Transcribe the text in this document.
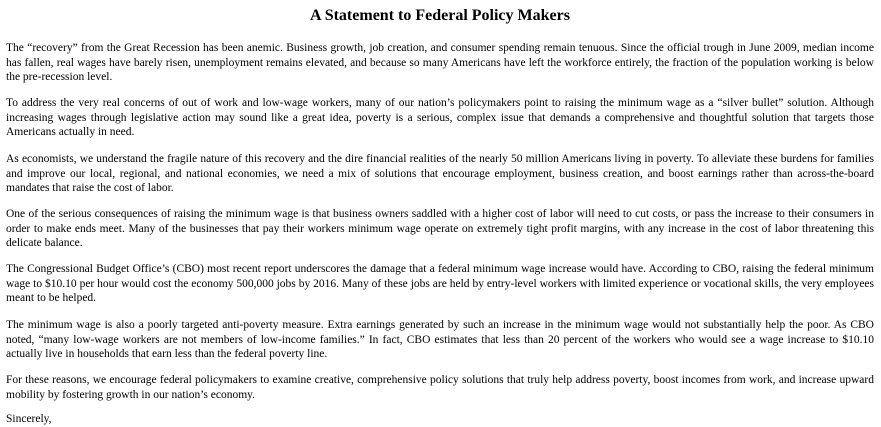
A Statement to Federal Policy Makers

The “recovery” from the Great Recession has been anemic. Business growth, job creation, and consumer spending remain tenuous. Since the official trough in June 2009, median income has fallen, real wages have barely risen, unemployment remains elevated, and because so many Americans have left the workforce entirely, the fraction of the population working is below the pre-recession level.

To address the very real concerns of out of work and low-wage workers, many of our nation’s policymakers point to raising the minimum wage as a “silver bullet” solution. Although increasing wages through legislative action may sound like a great idea, poverty is a serious, complex issue that demands a comprehensive and thoughtful solution that targets those Americans actually in need.

As economists, we understand the fragile nature of this recovery and the dire financial realities of the nearly 50 million Americans living in poverty. To alleviate these burdens for families and improve our local, regional, and national economies, we need a mix of solutions that encourage employment, business creation, and boost earnings rather than across-the-board mandates that raise the cost of labor.

One of the serious consequences of raising the minimum wage is that business owners saddled with a higher cost of labor will need to cut costs, or pass the increase to their consumers in order to make ends meet. Many of the businesses that pay their workers minimum wage operate on extremely tight profit margins, with any increase in the cost of labor threatening this delicate balance.

The Congressional Budget Office’s (CBO) most recent report underscores the damage that a federal minimum wage increase would have. According to CBO, raising the federal minimum wage to $10.10 per hour would cost the economy 500,000 jobs by 2016. Many of these jobs are held by entry-level workers with limited experience or vocational skills, the very employees meant to be helped.

The minimum wage is also a poorly targeted anti-poverty measure. Extra earnings generated by such an increase in the minimum wage would not substantially help the poor. As CBO noted, “many low-wage workers are not members of low-income families.” In fact, CBO estimates that less than 20 percent of the workers who would see a wage increase to $10.10 actually live in households that earn less than the federal poverty line.

For these reasons, we encourage federal policymakers to examine creative, comprehensive policy solutions that truly help address poverty, boost incomes from work, and increase upward mobility by fostering growth in our nation’s economy.

Sincerely,
